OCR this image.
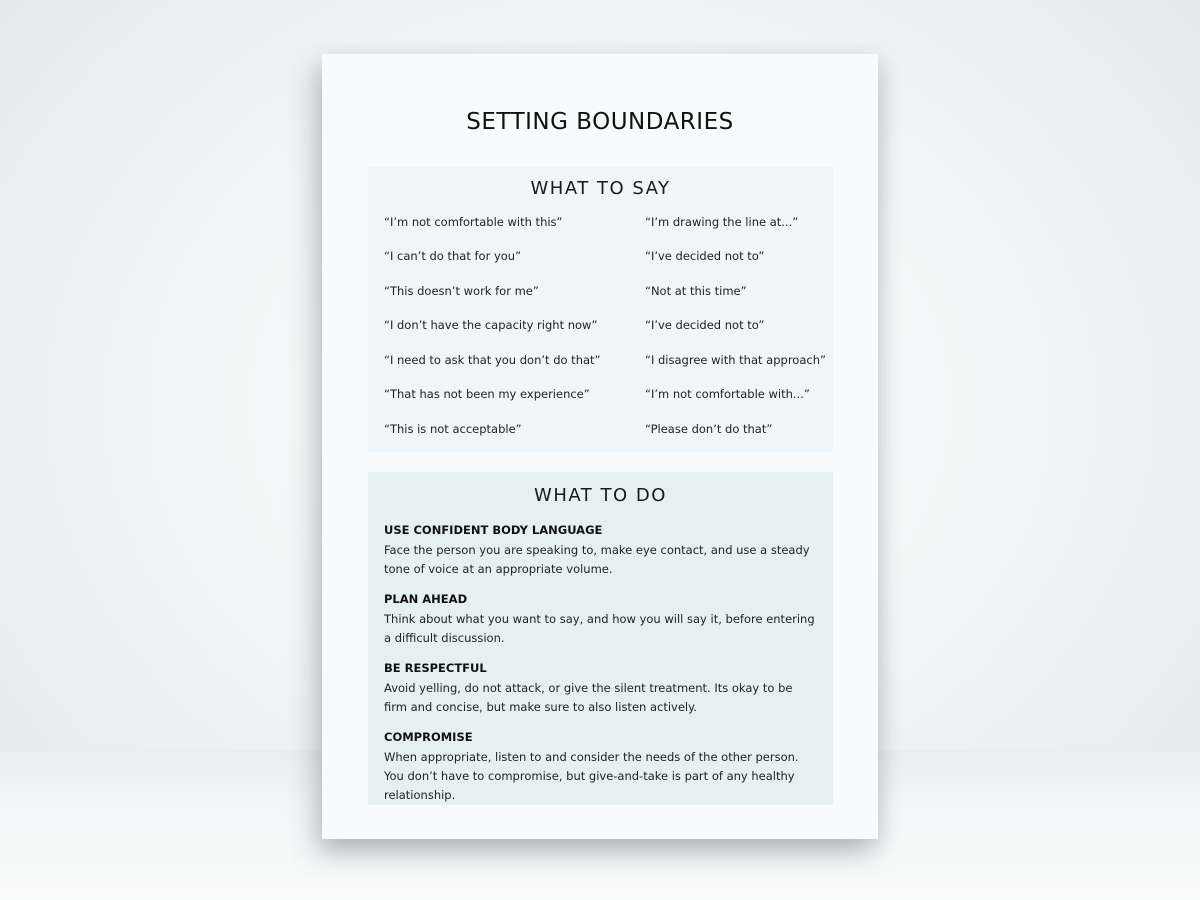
SETTING BOUNDARIES
WHAT TO SAY
“I’m not comfortable with this”
“I can’t do that for you”
“This doesn’t work for me”
“I don’t have the capacity right now”
“I need to ask that you don’t do that”
“That has not been my experience”
“This is not acceptable”
“I’m drawing the line at...”
“I’ve decided not to”
“Not at this time”
“I’ve decided not to”
“I disagree with that approach”
“I’m not comfortable with...”
“Please don’t do that”
WHAT TO DO
USE CONFIDENT BODY LANGUAGE

Face the person you are speaking to, make eye contact, and use a steady tone of voice at an appropriate volume.

PLAN AHEAD

Think about what you want to say, and how you will say it, before entering a difficult discussion.

BE RESPECTFUL

Avoid yelling, do not attack, or give the silent treatment. Its okay to be firm and concise, but make sure to also listen actively.

COMPROMISE

When appropriate, listen to and consider the needs of the other person. You don’t have to compromise, but give-and-take is part of any healthy relationship.
